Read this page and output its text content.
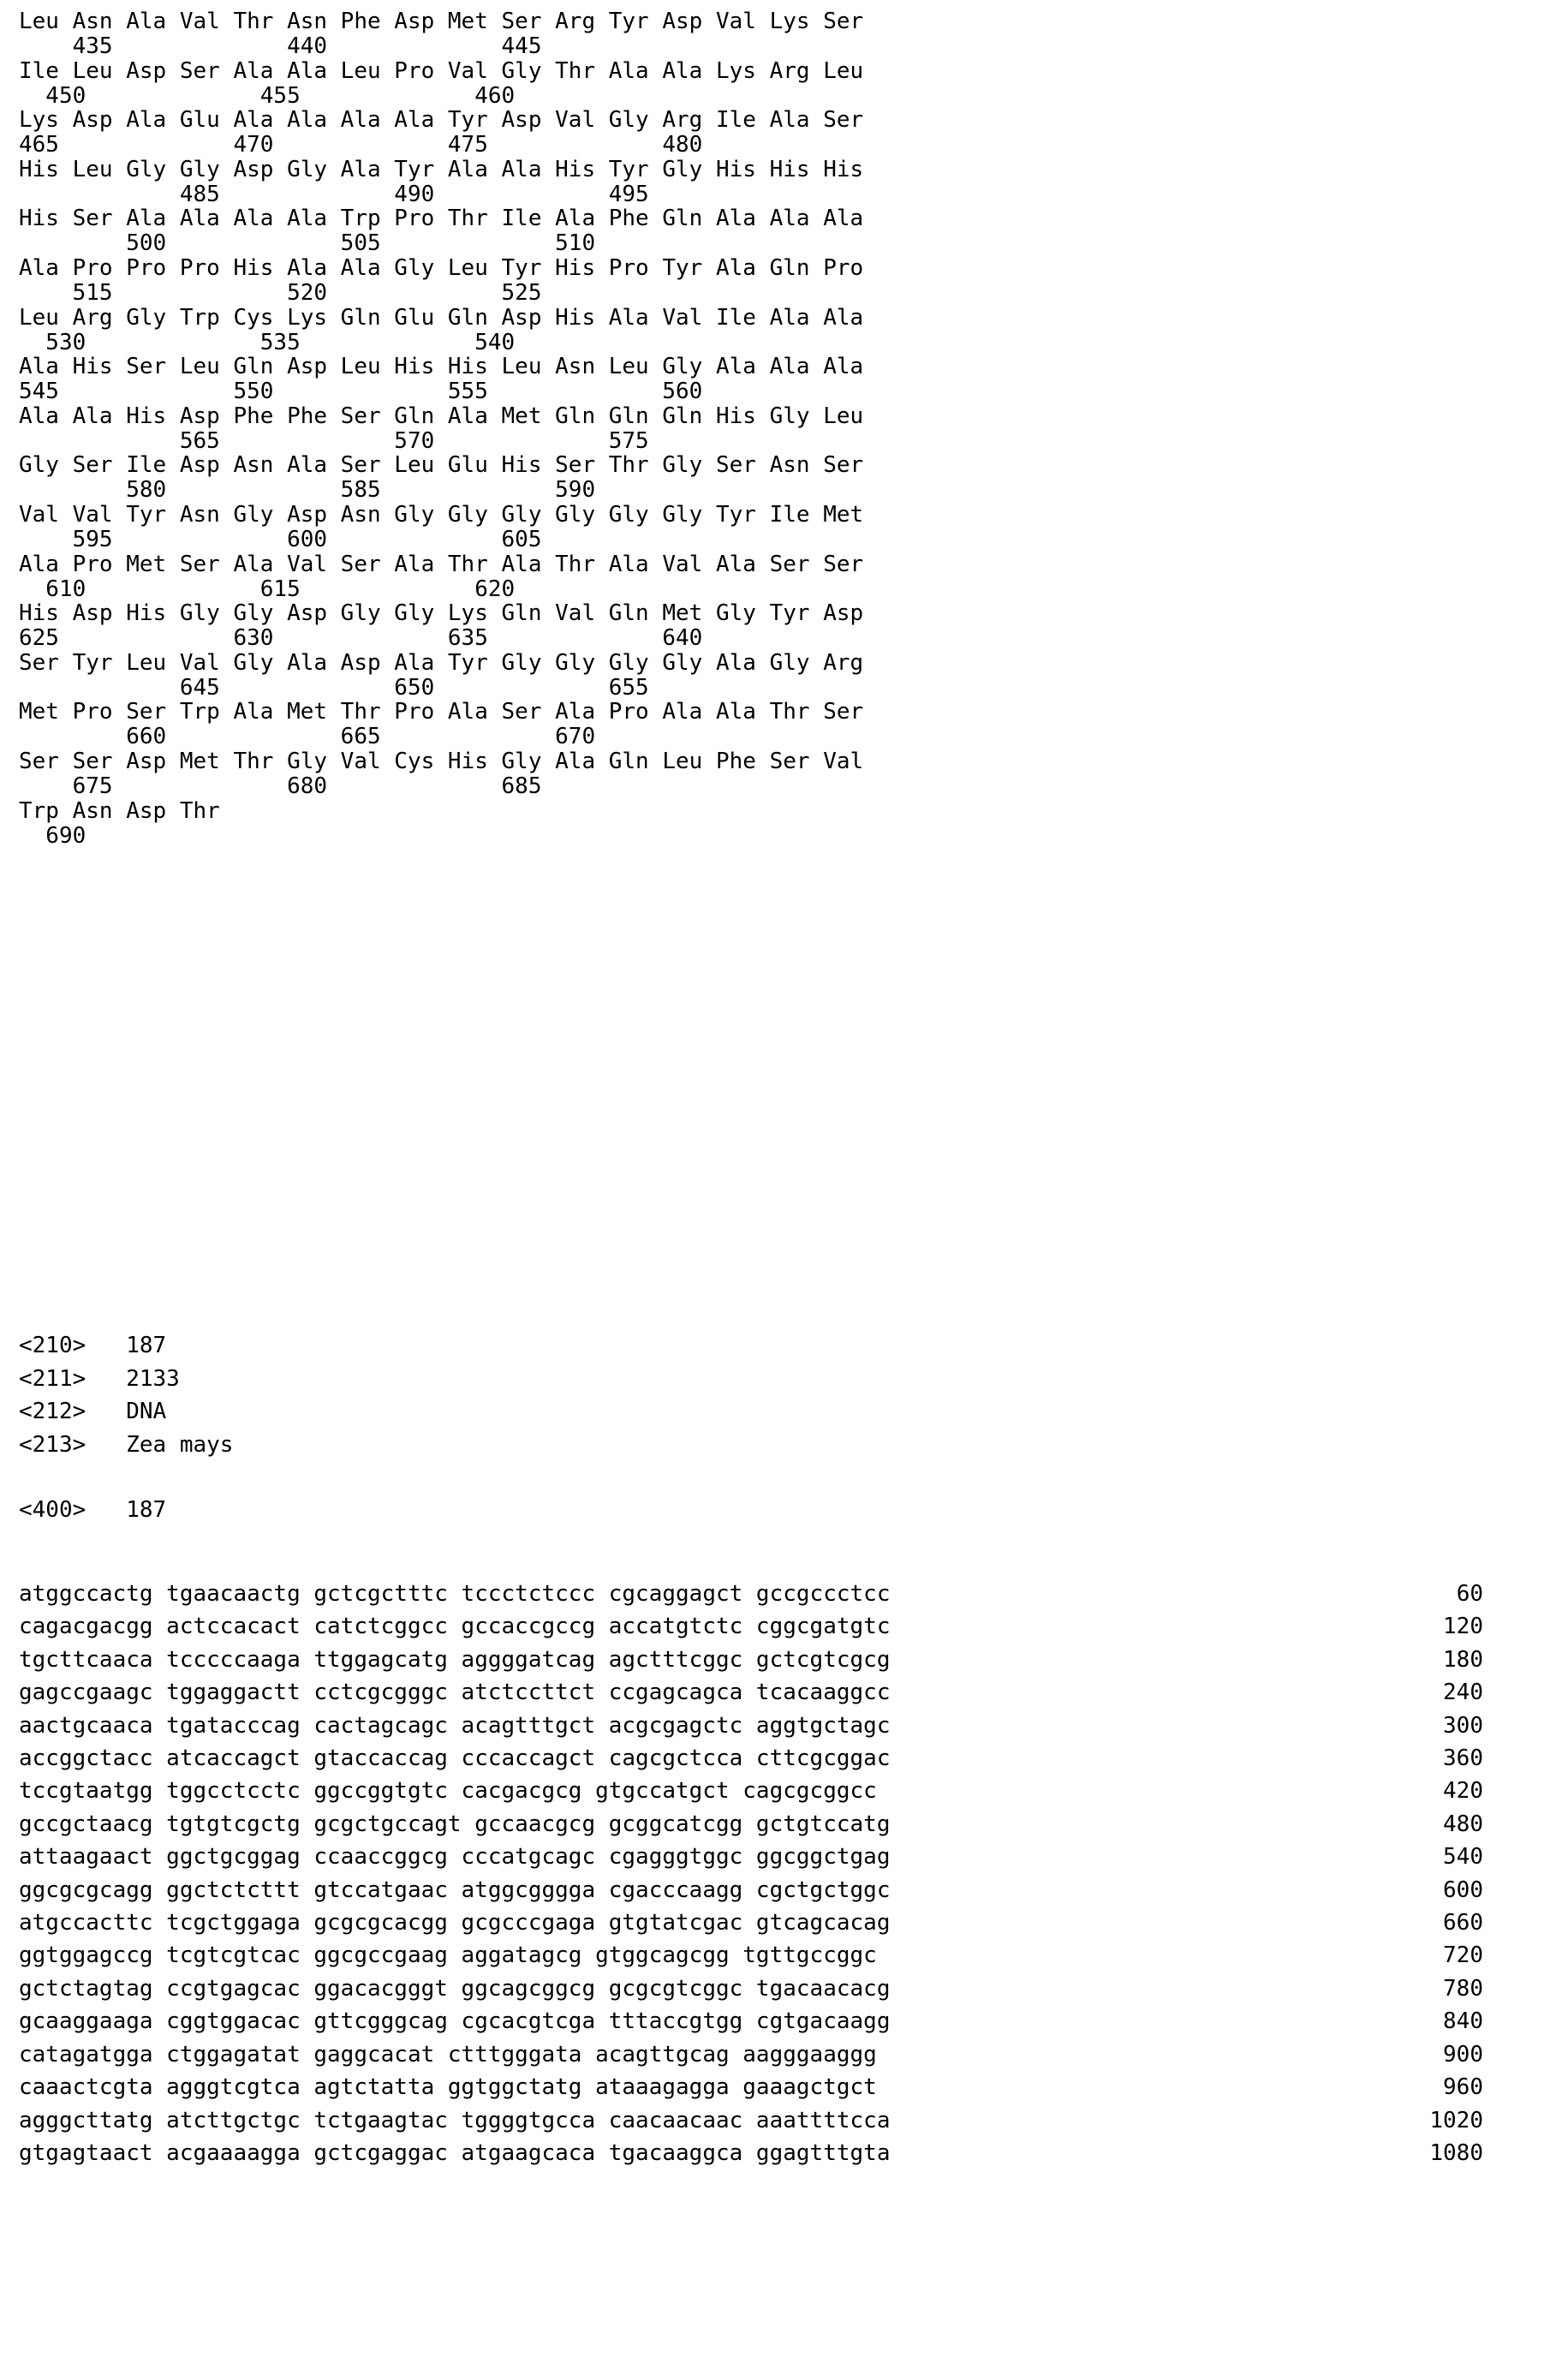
Leu Asn Ala Val Thr Asn Phe Asp Met Ser Arg Tyr Asp Val Lys Ser
435             440             445
Ile Leu Asp Ser Ala Ala Leu Pro Val Gly Thr Ala Ala Lys Arg Leu
450             455             460
Lys Asp Ala Glu Ala Ala Ala Ala Tyr Asp Val Gly Arg Ile Ala Ser
465             470             475             480
His Leu Gly Gly Asp Gly Ala Tyr Ala Ala His Tyr Gly His His His
485             490             495
His Ser Ala Ala Ala Ala Trp Pro Thr Ile Ala Phe Gln Ala Ala Ala
500             505             510
Ala Pro Pro Pro His Ala Ala Gly Leu Tyr His Pro Tyr Ala Gln Pro
515             520             525
Leu Arg Gly Trp Cys Lys Gln Glu Gln Asp His Ala Val Ile Ala Ala
530             535             540
Ala His Ser Leu Gln Asp Leu His His Leu Asn Leu Gly Ala Ala Ala
545             550             555             560
Ala Ala His Asp Phe Phe Ser Gln Ala Met Gln Gln Gln His Gly Leu
565             570             575
Gly Ser Ile Asp Asn Ala Ser Leu Glu His Ser Thr Gly Ser Asn Ser
580             585             590
Val Val Tyr Asn Gly Asp Asn Gly Gly Gly Gly Gly Gly Tyr Ile Met
595             600             605
Ala Pro Met Ser Ala Val Ser Ala Thr Ala Thr Ala Val Ala Ser Ser
610             615             620
His Asp His Gly Gly Asp Gly Gly Lys Gln Val Gln Met Gly Tyr Asp
625             630             635             640
Ser Tyr Leu Val Gly Ala Asp Ala Tyr Gly Gly Gly Gly Ala Gly Arg
645             650             655
Met Pro Ser Trp Ala Met Thr Pro Ala Ser Ala Pro Ala Ala Thr Ser
660             665             670
Ser Ser Asp Met Thr Gly Val Cys His Gly Ala Gln Leu Phe Ser Val
675             680             685
Trp Asn Asp Thr
690
<210>   187
<211>   2133
<212>   DNA
<213>   Zea mays
<400>   187
atggccactg tgaacaactg gctcgctttc tccctctccc cgcaggagct gccgccctcc	60
cagacgacgg actccacact catctcggcc gccaccgccg accatgtctc cggcgatgtc	120
tgcttcaaca tcccccaaga ttggagcatg aggggatcag agctttcggc gctcgtcgcg	180
gagccgaagc tggaggactt cctcgcgggc atctccttct ccgagcagca tcacaaggcc	240
aactgcaaca tgatacccag cactagcagc acagtttgct acgcgagctc aggtgctagc	300
accggctacc atcaccagct gtaccaccag cccaccagct cagcgctcca cttcgcggac	360
tccgtaatgg tggcctcctc ggccggtgtc cacgacgcg gtgccatgct cagcgcggcc	420
gccgctaacg tgtgtcgctg gcgctgccagt gccaacgcg gcggcatcgg gctgtccatg	480
attaagaact ggctgcggag ccaaccggcg cccatgcagc cgagggtggc ggcggctgag	540
ggcgcgcagg ggctctcttt gtccatgaac atggcgggga cgacccaagg cgctgctggc	600
atgccacttc tcgctggaga gcgcgcacgg gcgcccgaga gtgtatcgac gtcagcacag	660
ggtggagccg tcgtcgtcac ggcgccgaag aggatagcg gtggcagcgg tgttgccggc	720
gctctagtag ccgtgagcac ggacacgggt ggcagcggcg gcgcgtcggc tgacaacacg	780
gcaaggaaga cggtggacac gttcgggcag cgcacgtcga tttaccgtgg cgtgacaagg	840
catagatgga ctggagatat gaggcacat ctttgggata acagttgcag aagggaaggg	900
caaactcgta agggtcgtca agtctatta ggtggctatg ataaagagga gaaagctgct	960
agggcttatg atcttgctgc tctgaagtac tggggtgcca caacaacaac aaattttcca	1020
gtgagtaact acgaaaagga gctcgaggac atgaagcaca tgacaaggca ggagtttgta	1080
